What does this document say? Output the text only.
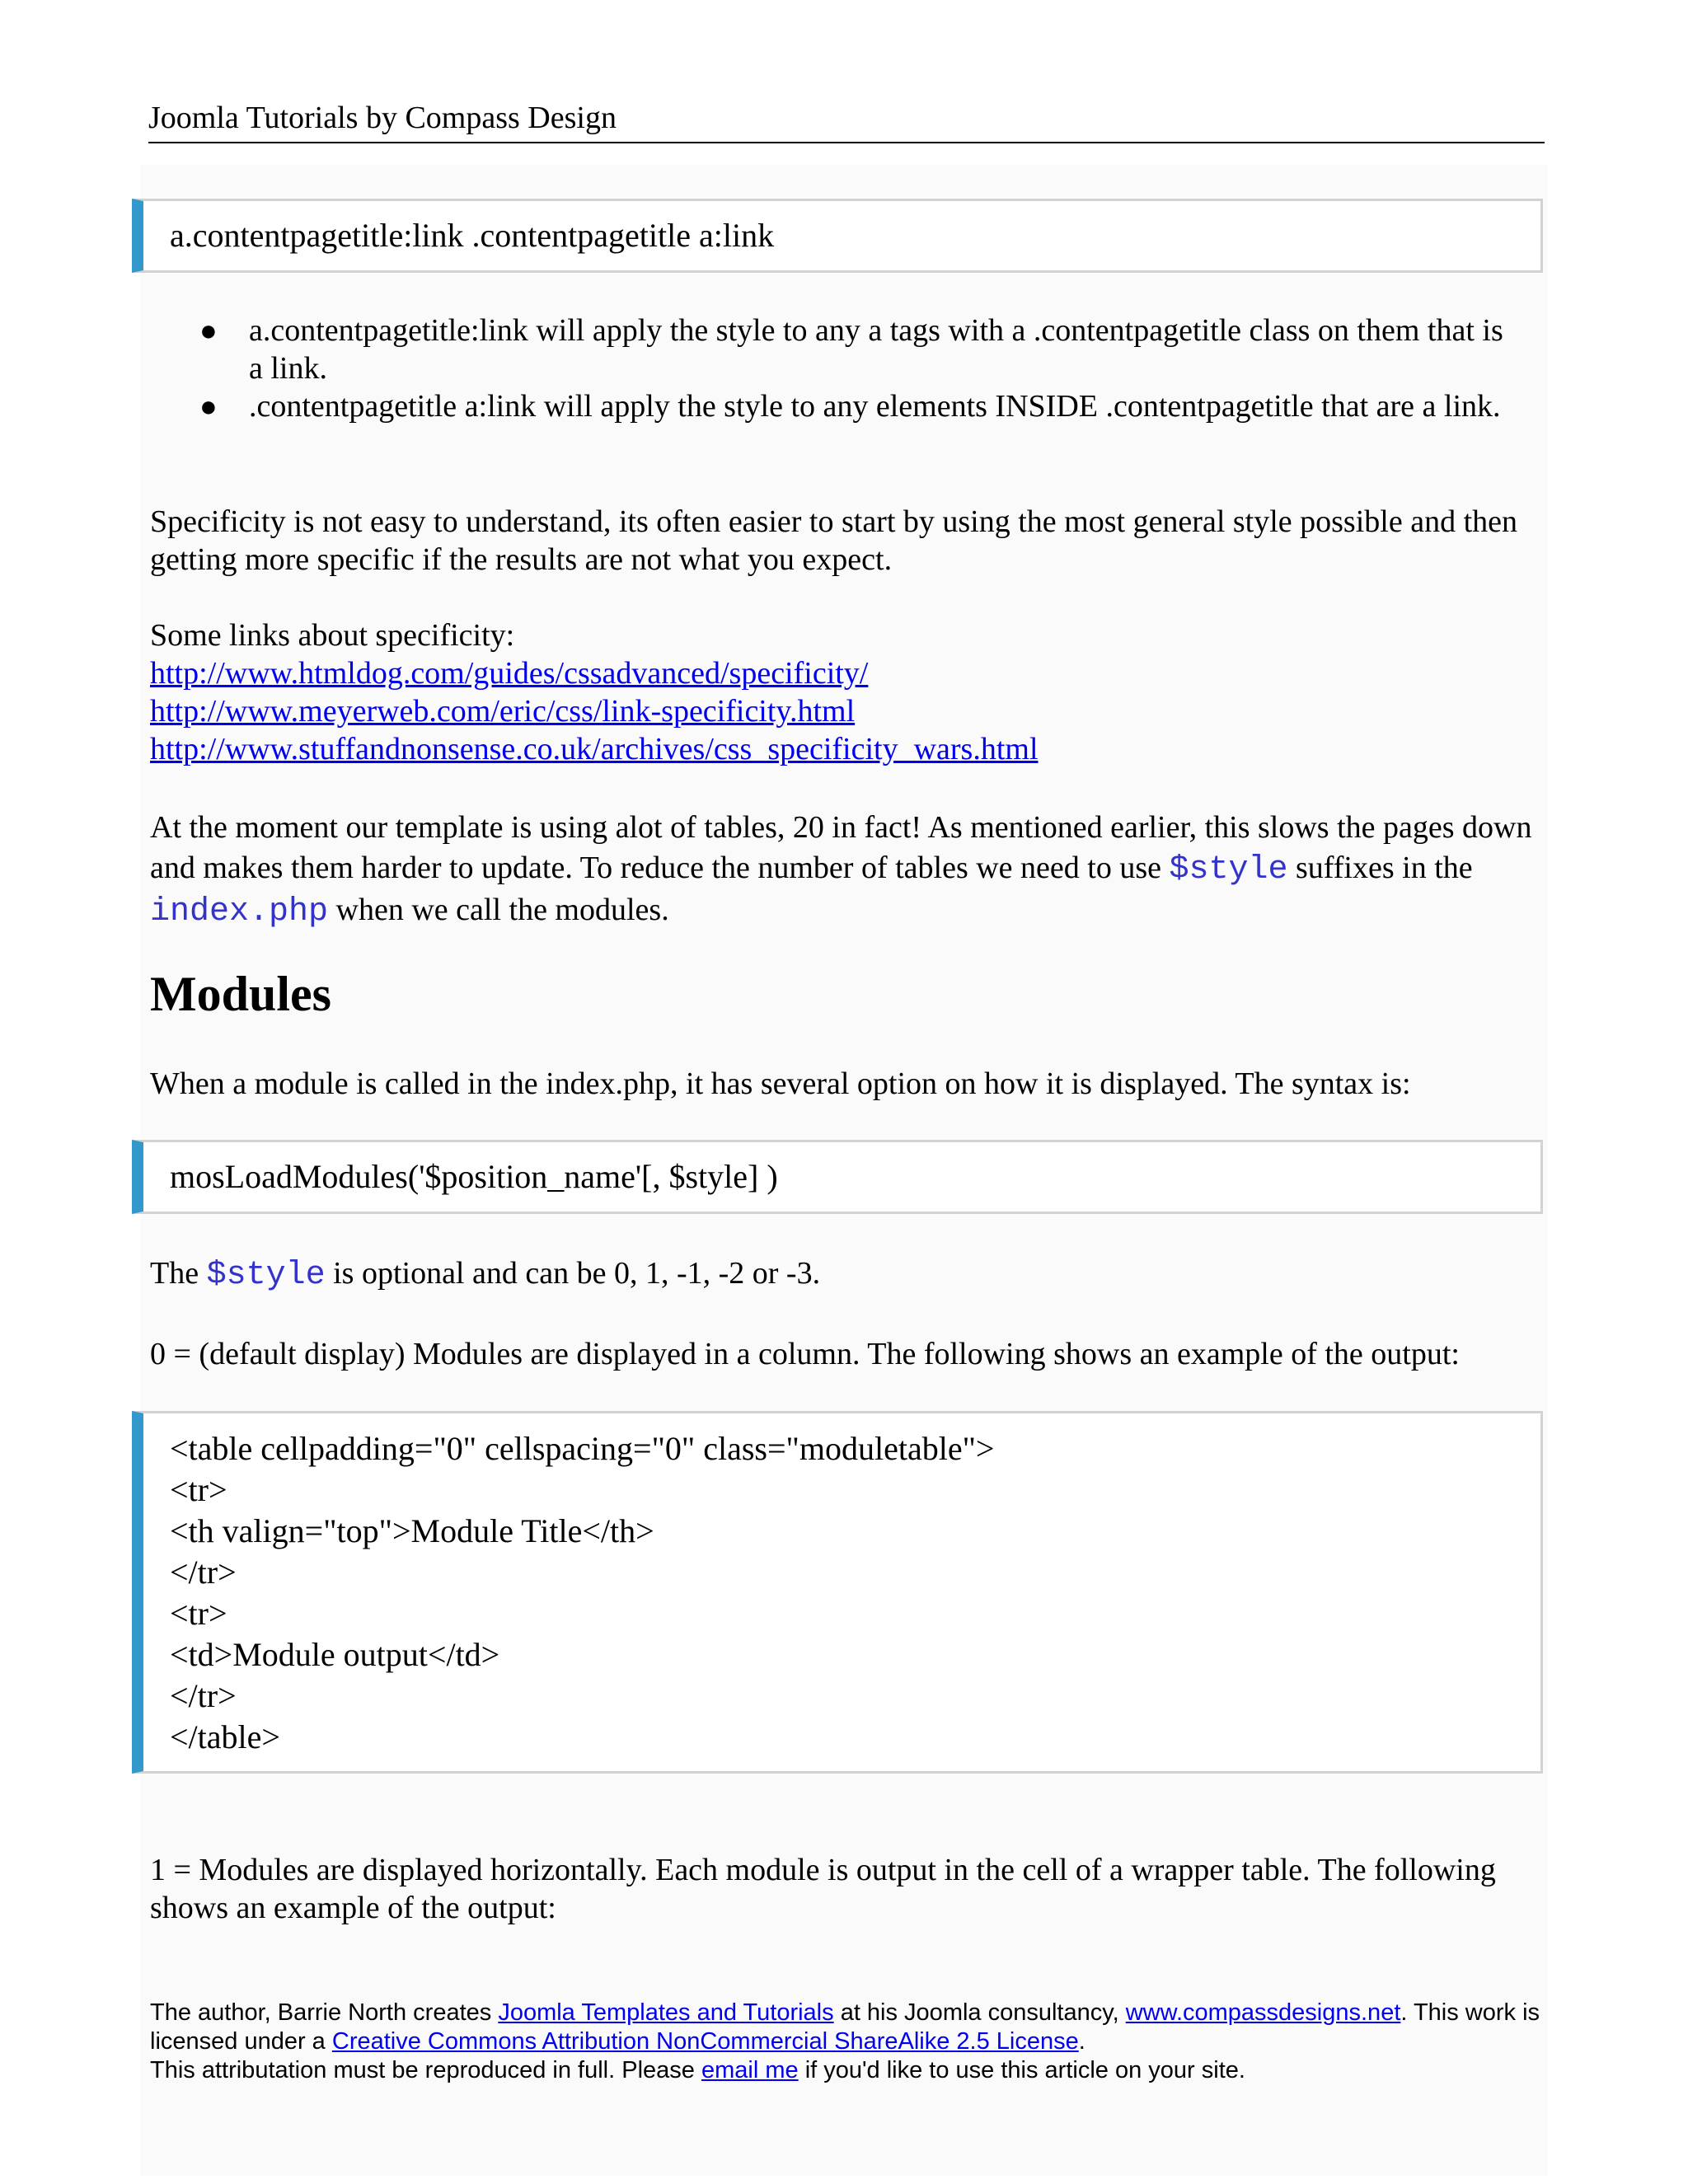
Joomla Tutorials by Compass Design
a.contentpagetitle:link .contentpagetitle a:link
● a.contentpagetitle:link will apply the style to any a tags with a .contentpagetitle class on them that is a link.
● .contentpagetitle a:link will apply the style to any elements INSIDE .contentpagetitle that are a link.
Specificity is not easy to understand, its often easier to start by using the most general style possible and then getting more specific if the results are not what you expect.
Some links about specificity:
http://www.htmldog.com/guides/cssadvanced/specificity/
http://www.meyerweb.com/eric/css/link-specificity.html
http://www.stuffandnonsense.co.uk/archives/css_specificity_wars.html
At the moment our template is using alot of tables, 20 in fact! As mentioned earlier, this slows the pages down and makes them harder to update. To reduce the number of tables we need to use $style suffixes in the index.php when we call the modules.
Modules
When a module is called in the index.php, it has several option on how it is displayed. The syntax is:
mosLoadModules('$position_name'[, $style] )
The $style is optional and can be 0, 1, -1, -2 or -3.
0 = (default display) Modules are displayed in a column. The following shows an example of the output:
<table cellpadding="0" cellspacing="0" class="moduletable">
<tr>
<th valign="top">Module Title</th>
</tr>
<tr>
<td>Module output</td>
</tr>
</table>
1 = Modules are displayed horizontally. Each module is output in the cell of a wrapper table. The following shows an example of the output:
The author, Barrie North creates Joomla Templates and Tutorials at his Joomla consultancy, www.compassdesigns.net. This work is licensed under a Creative Commons Attribution NonCommercial ShareAlike 2.5 License.
This attributation must be reproduced in full. Please email me if you'd like to use this article on your site.
